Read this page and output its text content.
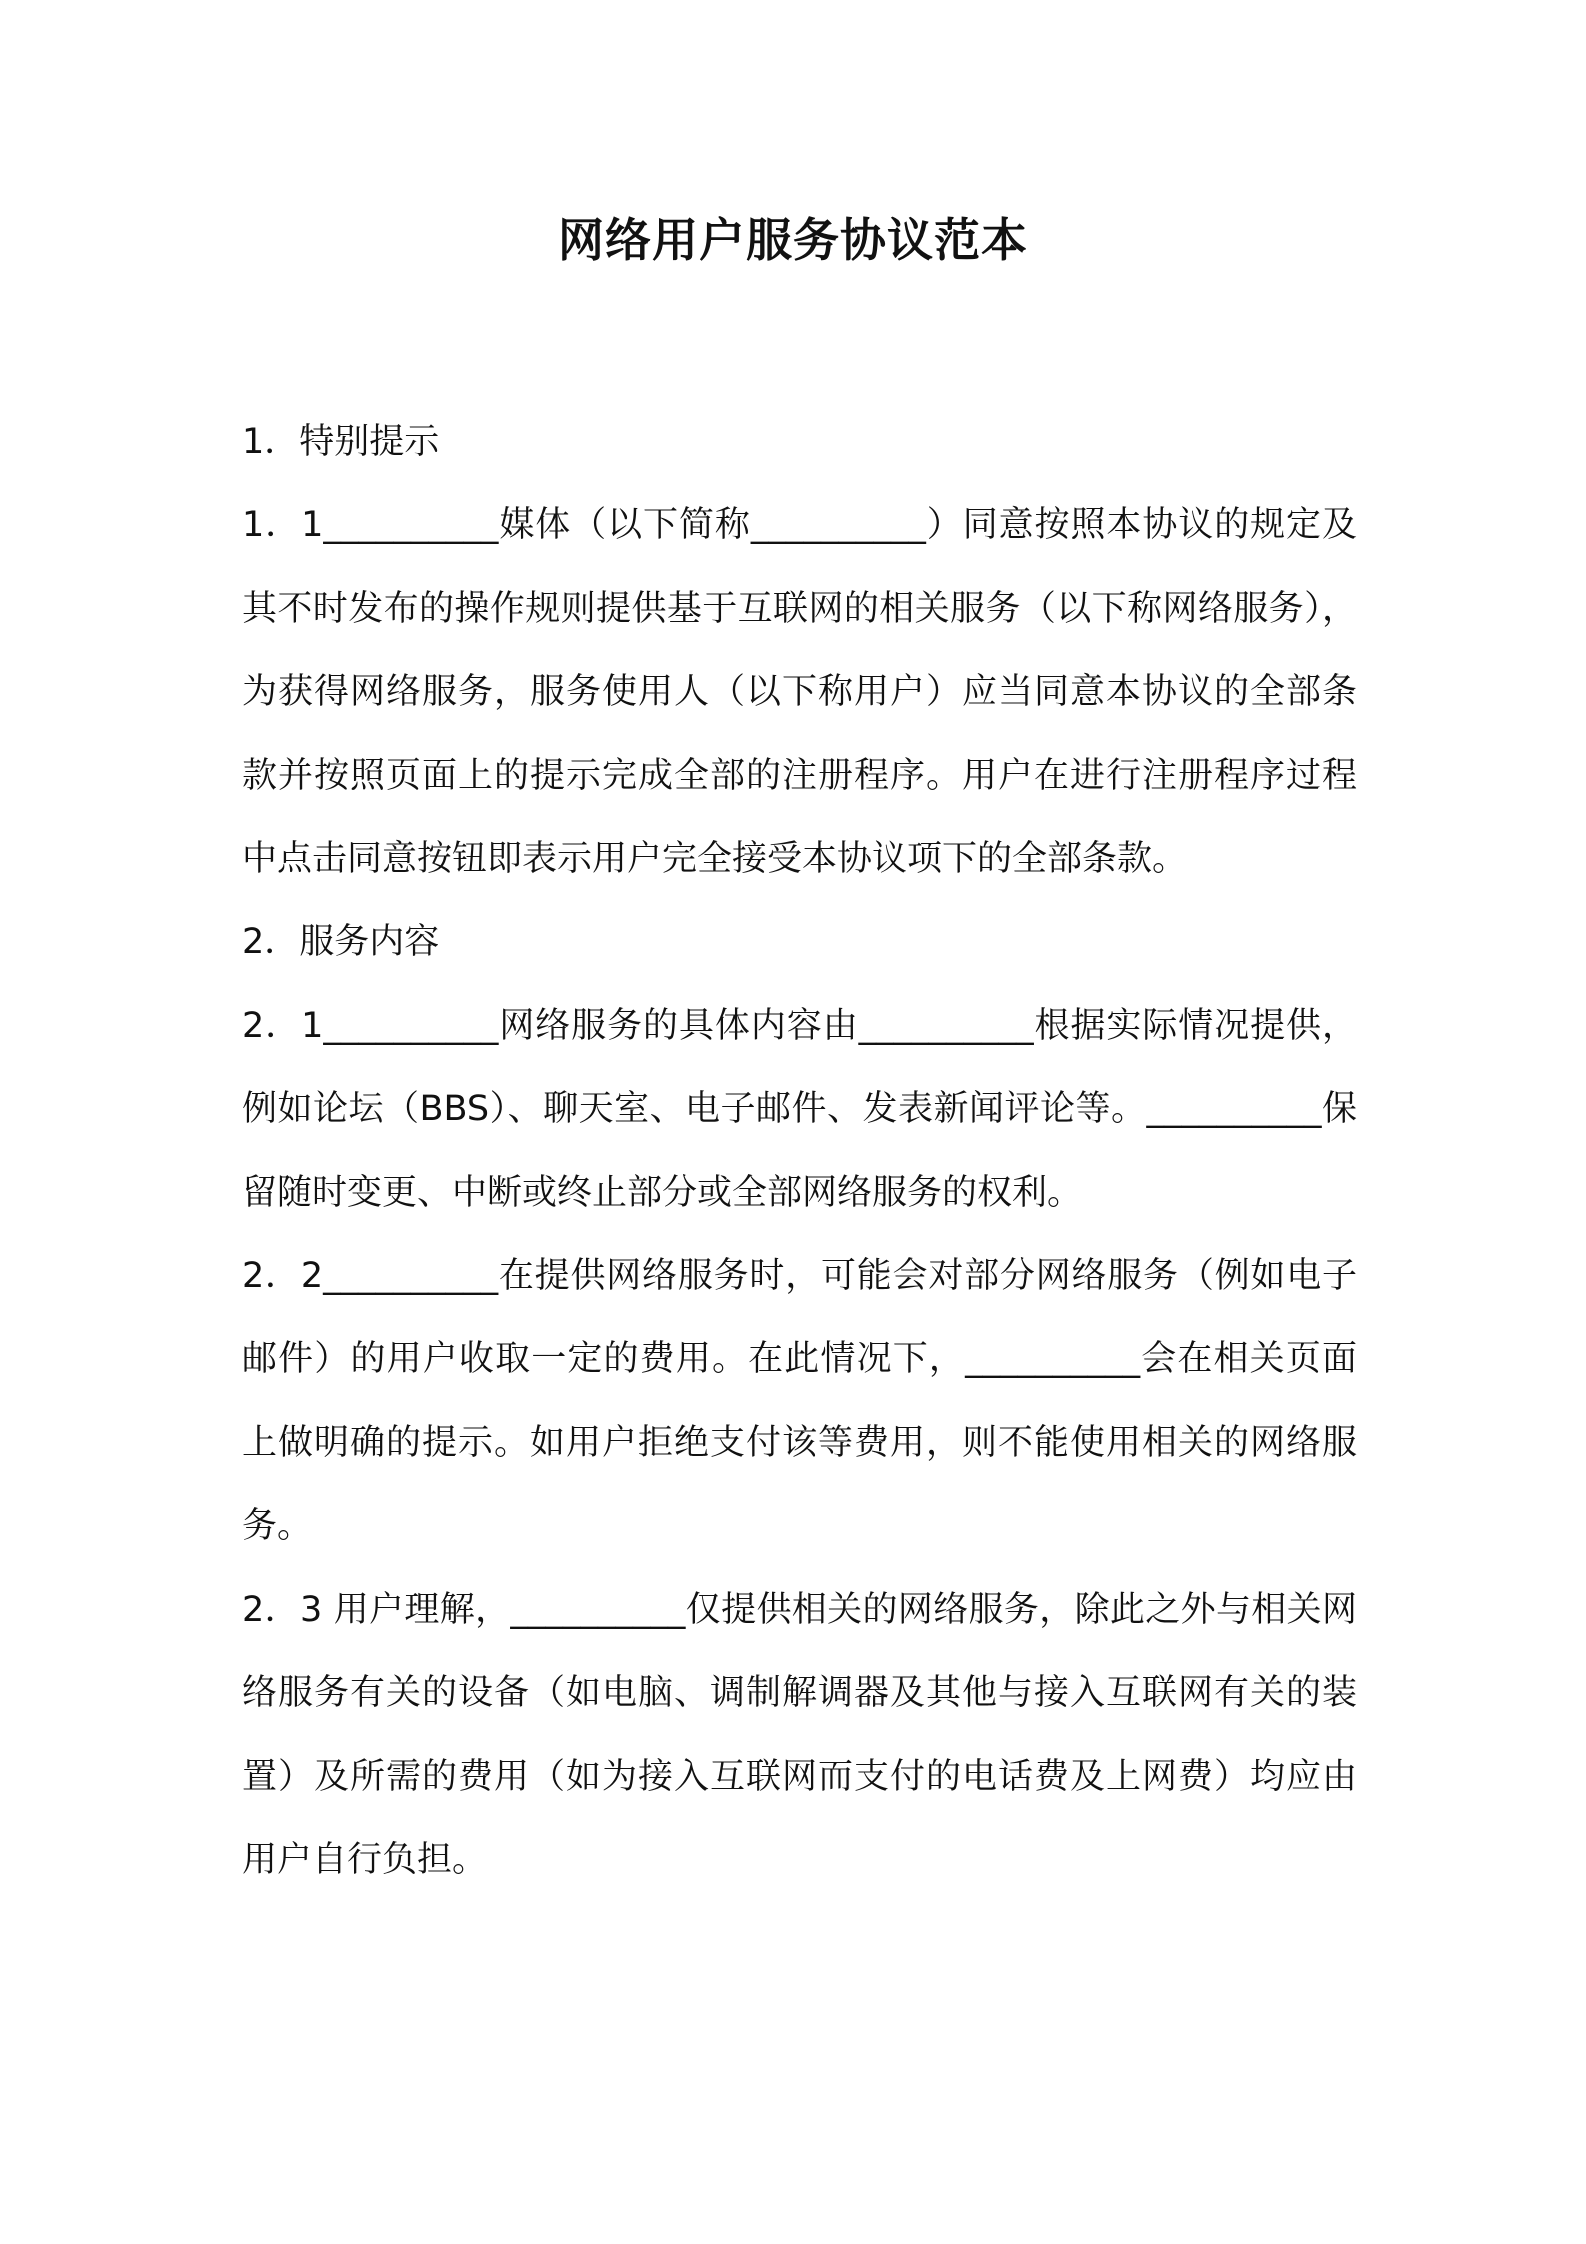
网络用户服务协议范本

1．特别提示

1．1__________媒体（以下简称__________）同意按照本协议的规定及其不时发布的操作规则提供基于互联网的相关服务（以下称网络服务），为获得网络服务，服务使用人（以下称用户）应当同意本协议的全部条款并按照页面上的提示完成全部的注册程序。用户在进行注册程序过程中点击同意按钮即表示用户完全接受本协议项下的全部条款。

2．服务内容

2．1__________网络服务的具体内容由__________根据实际情况提供，例如论坛（BBS）、聊天室、电子邮件、发表新闻评论等。__________保留随时变更、中断或终止部分或全部网络服务的权利。

2．2__________在提供网络服务时，可能会对部分网络服务（例如电子邮件）的用户收取一定的费用。在此情况下，__________会在相关页面上做明确的提示。如用户拒绝支付该等费用，则不能使用相关的网络服务。

2．3 用户理解，__________仅提供相关的网络服务，除此之外与相关网络服务有关的设备（如电脑、调制解调器及其他与接入互联网有关的装置）及所需的费用（如为接入互联网而支付的电话费及上网费）均应由用户自行负担。
